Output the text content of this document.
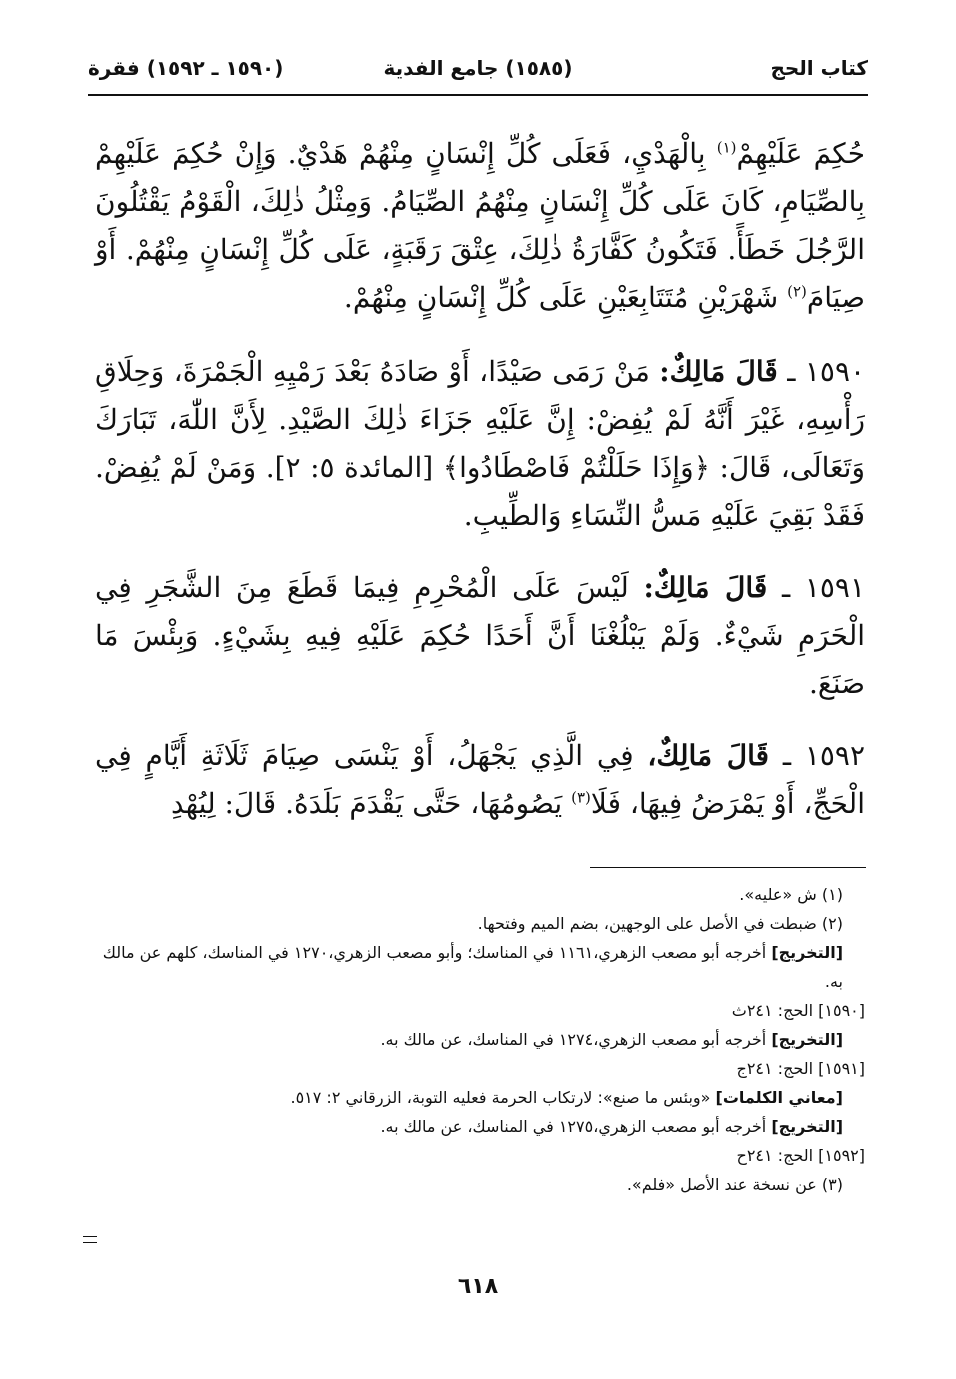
كتاب الحج
(١٥٨٥) جامع الفدية
(١٥٩٠ ـ ١٥٩٢) فقرة

حُكِمَ عَلَيْهِمْ$^{(١)}$ بِالْهَدْيِ، فَعَلَى كُلِّ إِنْسَانٍ مِنْهُمْ هَدْيٌ. وَإِنْ حُكِمَ عَلَيْهِمْ بِالصِّيَامِ، كَانَ عَلَى كُلِّ إِنْسَانٍ مِنْهُمُ الصِّيَامُ. وَمِثْلُ ذٰلِكَ، الْقَوْمُ يَقْتُلُونَ الرَّجُلَ خَطَأً. فَتَكُونُ كَفَّارَةُ ذٰلِكَ، عِتْقَ رَقَبَةٍ، عَلَى كُلِّ إِنْسَانٍ مِنْهُمْ. أَوْ صِيَامَ$^{(٢)}$ شَهْرَيْنِ مُتَتَابِعَيْنِ عَلَى كُلِّ إِنْسَانٍ مِنْهُمْ.

١٥٩٠ ـ قَالَ مَالِكٌ: مَنْ رَمَى صَيْدًا، أَوْ صَادَهُ بَعْدَ رَمْيِهِ الْجَمْرَةَ، وَحِلَاقِ رَأْسِهِ، غَيْرَ أَنَّهُ لَمْ يُفِضْ: إِنَّ عَلَيْهِ جَزَاءَ ذٰلِكَ الصَّيْدِ. لِأَنَّ اللّٰهَ، تَبَارَكَ وَتَعَالَى، قَالَ: ﴿وَإِذَا حَلَلْتُمْ فَاصْطَادُوا﴾ [المائدة ٥: ٢]. وَمَنْ لَمْ يُفِضْ. فَقَدْ بَقِيَ عَلَيْهِ مَسُّ النِّسَاءِ وَالطِّيبِ.

١٥٩١ ـ قَالَ مَالِكٌ: لَيْسَ عَلَى الْمُحْرِمِ فِيمَا قَطَعَ مِنَ الشَّجَرِ فِي الْحَرَمِ شَيْءٌ. وَلَمْ يَبْلُغْنَا أَنَّ أَحَدًا حُكِمَ عَلَيْهِ فِيهِ بِشَيْءٍ. وَبِئْسَ مَا صَنَعَ.

١٥٩٢ ـ قَالَ مَالِكٌ، فِي الَّذِي يَجْهَلُ، أَوْ يَنْسَى صِيَامَ ثَلَاثَةِ أَيَّامٍ فِي الْحَجِّ، أَوْ يَمْرَضُ فِيهَا، فَلَا$^{(٣)}$ يَصُومُهَا، حَتَّى يَقْدَمَ بَلَدَهُ. قَالَ: لِيُهْدِ

(١) ش «عليه».

(٢) ضبطت في الأصل على الوجهين، بضم الميم وفتحها.

[التخريج] أخرجه أبو مصعب الزهري،١١٦١ في المناسك؛ وأبو مصعب الزهري،١٢٧٠ في المناسك، كلهم عن مالك به.

[١٥٩٠] الحج: ٢٤١ث

[التخريج] أخرجه أبو مصعب الزهري،١٢٧٤ في المناسك، عن مالك به.

[١٥٩١] الحج: ٢٤١ج

[معاني الكلمات] «وبئس ما صنع»: لارتكاب الحرمة فعليه التوبة، الزرقاني ٢: ٥١٧.

[التخريج] أخرجه أبو مصعب الزهري،١٢٧٥ في المناسك، عن مالك به.

[١٥٩٢] الحج: ٢٤١ح

(٣) عن نسخة عند الأصل «فلم».

٦١٨
